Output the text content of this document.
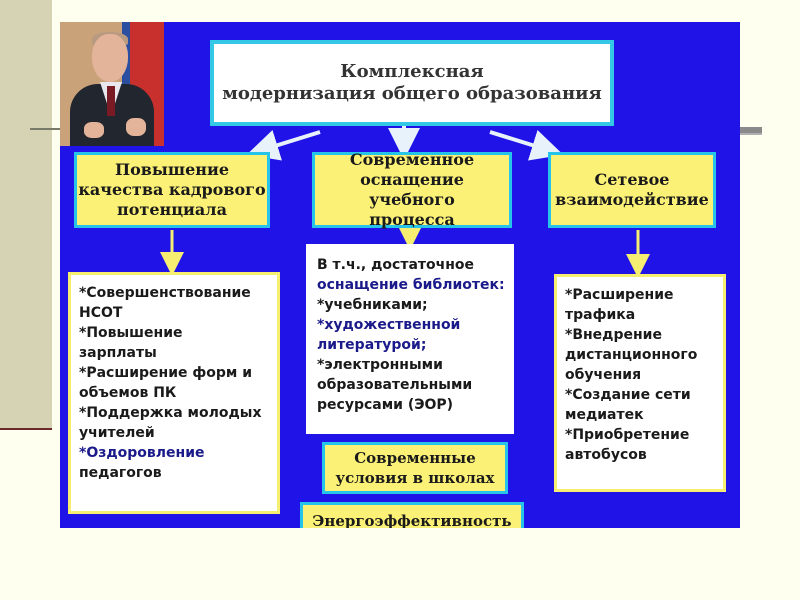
Комплексная
модернизация общего образования
Повышение
качества кадрового
потенциала
Современное
оснащение учебного
процесса
Сетевое
взаимодействие
*Совершенствование
НСОТ
*Повышение
зарплаты
*Расширение форм и
объемов ПК
*Поддержка молодых
учителей
*Оздоровление
педагогов
В т.ч., достаточное
оснащение библиотек:
*учебниками;
*художественной
литературой;
*электронными
образовательными
ресурсами (ЭОР)
*Расширение
трафика
*Внедрение
дистанционного
обучения
*Создание сети
медиатек
*Приобретение
автобусов
Современные
условия в школах
Энергоэффективность
